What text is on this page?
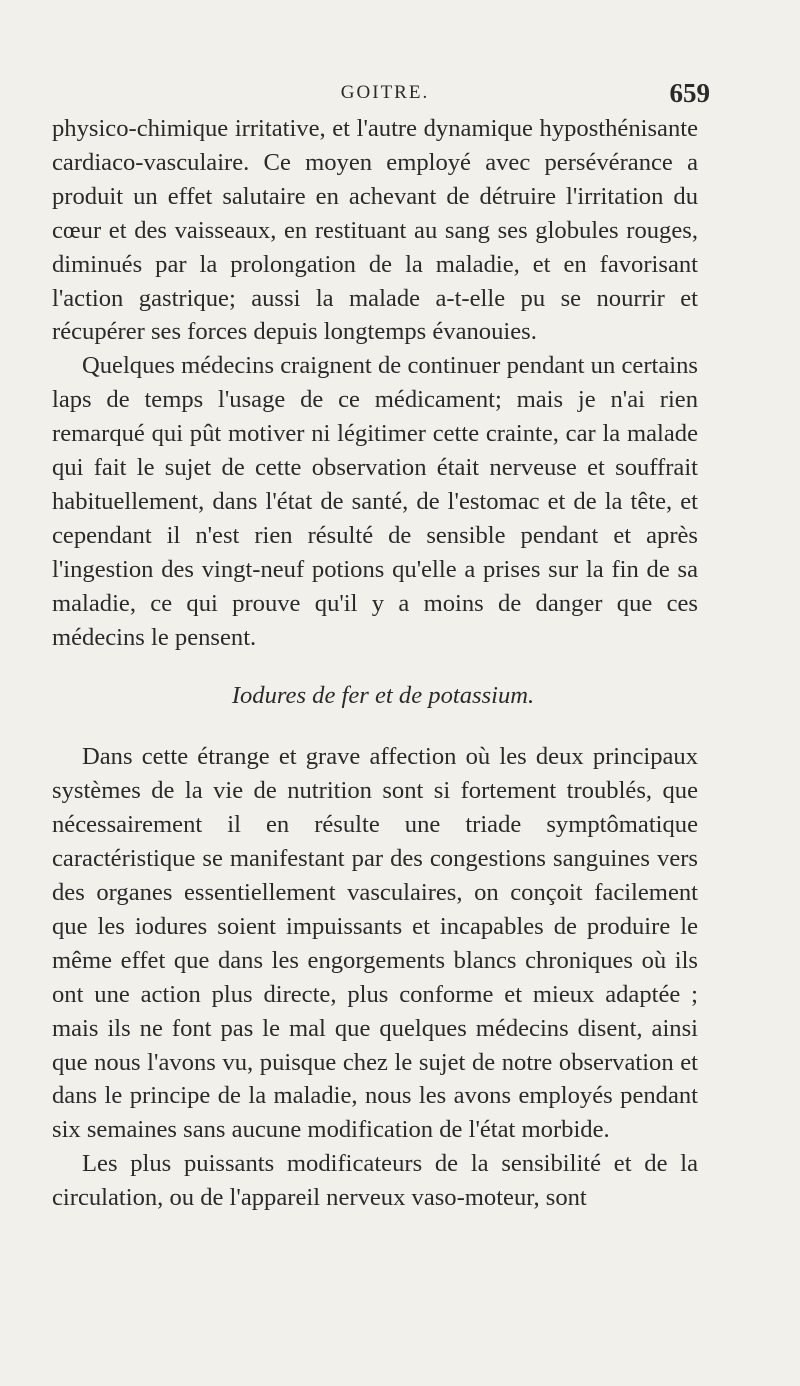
GOITRE.	659

physico-chimique irritative, et l'autre dynamique hyposthénisante cardiaco-vasculaire. Ce moyen employé avec persévérance a produit un effet salutaire en achevant de détruire l'irritation du cœur et des vaisseaux, en restituant au sang ses globules rouges, diminués par la prolongation de la maladie, et en favorisant l'action gastrique; aussi la malade a-t-elle pu se nourrir et récupérer ses forces depuis longtemps évanouies.

Quelques médecins craignent de continuer pendant un certains laps de temps l'usage de ce médicament; mais je n'ai rien remarqué qui pût motiver ni légitimer cette crainte, car la malade qui fait le sujet de cette observation était nerveuse et souffrait habituellement, dans l'état de santé, de l'estomac et de la tête, et cependant il n'est rien résulté de sensible pendant et après l'ingestion des vingt-neuf potions qu'elle a prises sur la fin de sa maladie, ce qui prouve qu'il y a moins de danger que ces médecins le pensent.

Iodures de fer et de potassium.

Dans cette étrange et grave affection où les deux principaux systèmes de la vie de nutrition sont si fortement troublés, que nécessairement il en résulte une triade symptômatique caractéristique se manifestant par des congestions sanguines vers des organes essentiellement vasculaires, on conçoit facilement que les iodures soient impuissants et incapables de produire le même effet que dans les engorgements blancs chroniques où ils ont une action plus directe, plus conforme et mieux adaptée ; mais ils ne font pas le mal que quelques médecins disent, ainsi que nous l'avons vu, puisque chez le sujet de notre observation et dans le principe de la maladie, nous les avons employés pendant six semaines sans aucune modification de l'état morbide.

Les plus puissants modificateurs de la sensibilité et de la circulation, ou de l'appareil nerveux vaso-moteur, sont
